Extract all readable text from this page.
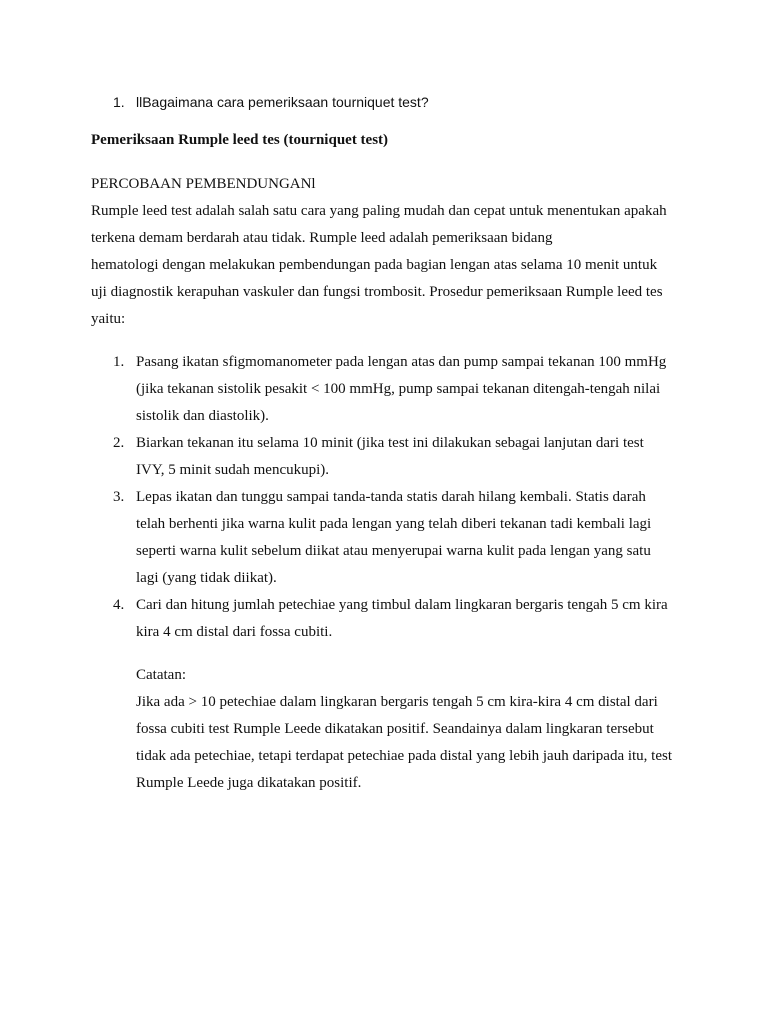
1. llBagaimana cara pemeriksaan tourniquet test?
Pemeriksaan Rumple leed tes (tourniquet test)
PERCOBAAN PEMBENDUNGANl
Rumple leed test adalah salah satu cara yang paling mudah dan cepat untuk menentukan apakah
terkena demam berdarah atau tidak. Rumple leed adalah pemeriksaan bidang
hematologi dengan melakukan pembendungan pada bagian lengan atas selama 10 menit untuk
uji diagnostik kerapuhan vaskuler dan fungsi trombosit. Prosedur pemeriksaan Rumple leed tes
yaitu:
1. Pasang ikatan sfigmomanometer pada lengan atas dan pump sampai tekanan 100 mmHg
(jika tekanan sistolik pesakit < 100 mmHg, pump sampai tekanan ditengah-tengah nilai
sistolik dan diastolik).
2. Biarkan tekanan itu selama 10 minit (jika test ini dilakukan sebagai lanjutan dari test
IVY, 5 minit sudah mencukupi).
3. Lepas ikatan dan tunggu sampai tanda-tanda statis darah hilang kembali. Statis darah
telah berhenti jika warna kulit pada lengan yang telah diberi tekanan tadi kembali lagi
seperti warna kulit sebelum diikat atau menyerupai warna kulit pada lengan yang satu
lagi (yang tidak diikat).
4. Cari dan hitung jumlah petechiae yang timbul dalam lingkaran bergaris tengah 5 cm kira
kira 4 cm distal dari fossa cubiti.
Catatan:
Jika ada > 10 petechiae dalam lingkaran bergaris tengah 5 cm kira-kira 4 cm distal dari
fossa cubiti test Rumple Leede dikatakan positif. Seandainya dalam lingkaran tersebut
tidak ada petechiae, tetapi terdapat petechiae pada distal yang lebih jauh daripada itu, test
Rumple Leede juga dikatakan positif.
